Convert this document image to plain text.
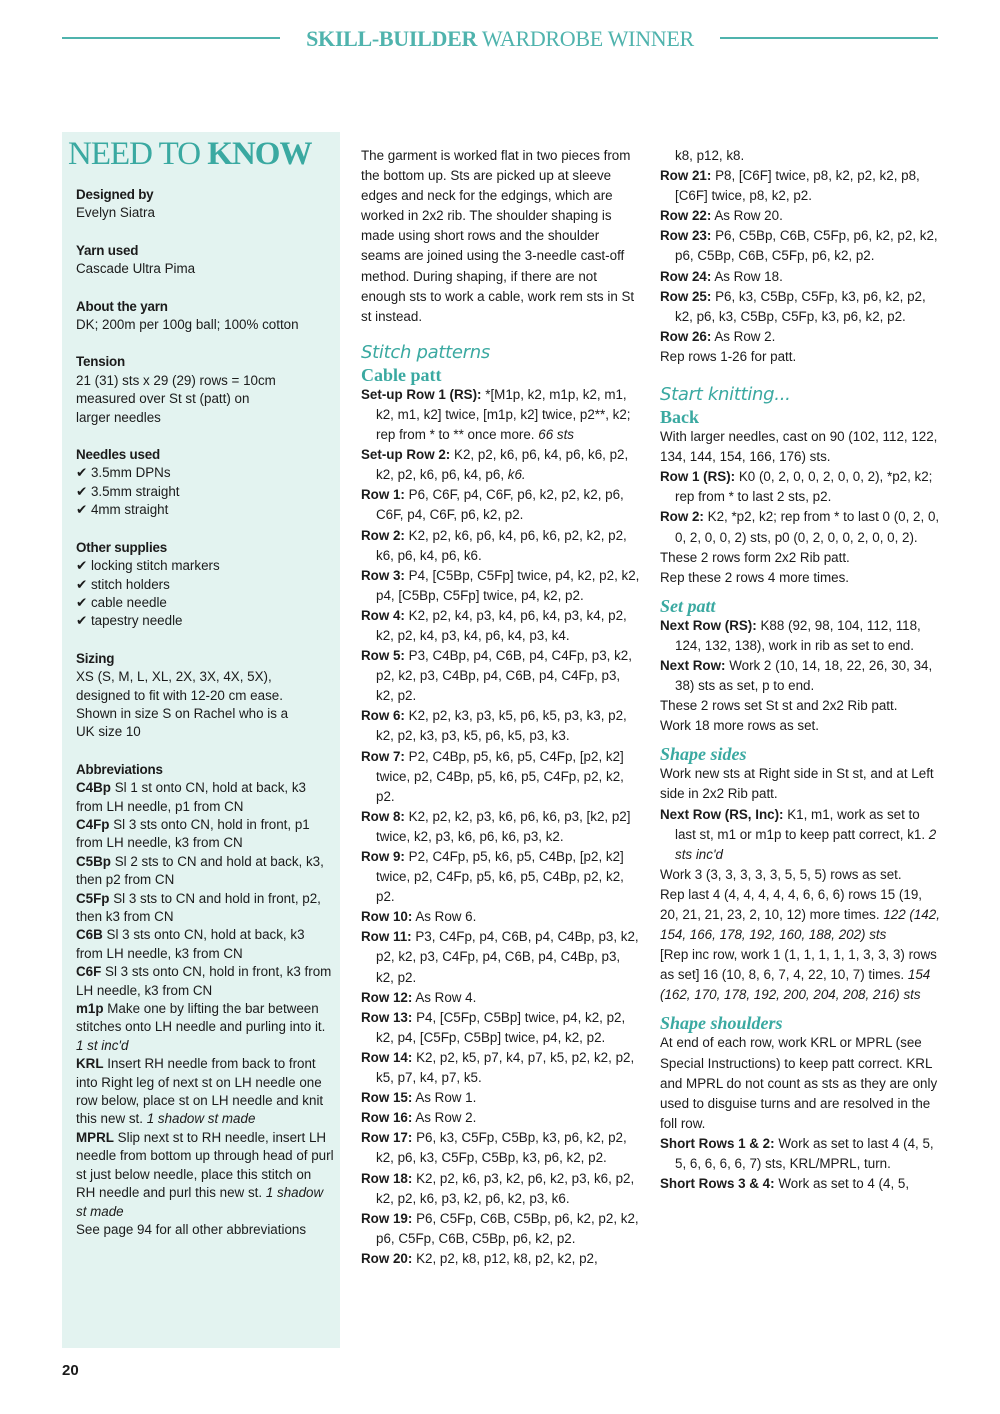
SKILL-BUILDER WARDROBE WINNER
NEED TO KNOW
Designed by
Evelyn Siatra
Yarn used
Cascade Ultra Pima
About the yarn
DK; 200m per 100g ball; 100% cotton
Tension
21 (31) sts x 29 (29) rows = 10cm
measured over St st (patt) on
larger needles
Needles used
✔ 3.5mm DPNs
✔ 3.5mm straight
✔ 4mm straight
Other supplies
✔ locking stitch markers
✔ stitch holders
✔ cable needle
✔ tapestry needle
Sizing
XS (S, M, L, XL, 2X, 3X, 4X, 5X),
designed to fit with 12-20 cm ease.
Shown in size S on Rachel who is a
UK size 10
Abbreviations

C4Bp Sl 1 st onto CN, hold at back, k3 from LH needle, p1 from CN

C4Fp Sl 3 sts onto CN, hold in front, p1 from LH needle, k3 from CN

C5Bp Sl 2 sts to CN and hold at back, k3, then p2 from CN

C5Fp Sl 3 sts to CN and hold in front, p2, then k3 from CN

C6B Sl 3 sts onto CN, hold at back, k3 from LH needle, k3 from CN

C6F Sl 3 sts onto CN, hold in front, k3 from LH needle, k3 from CN

m1p Make one by lifting the bar between stitches onto LH needle and purling into it. 1 st inc'd

KRL Insert RH needle from back to front into Right leg of next st on LH needle one row below, place st on LH needle and knit this new st. 1 shadow st made

MPRL Slip next st to RH needle, insert LH needle from bottom up through head of purl st just below needle, place this stitch on RH needle and purl this new st. 1 shadow st made

See page 94 for all other abbreviations

The garment is worked flat in two pieces from the bottom up. Sts are picked up at sleeve edges and neck for the edgings, which are worked in 2x2 rib. The shoulder shaping is made using short rows and the shoulder seams are joined using the 3-needle cast-off method. During shaping, if there are not enough sts to work a cable, work rem sts in St st instead.

Stitch patterns
Cable patt

Set-up Row 1 (RS): *[M1p, k2, m1p, k2, m1, k2, m1, k2] twice, [m1p, k2] twice, p2**, k2; rep from * to ** once more. 66 sts

Set-up Row 2: K2, p2, k6, p6, k4, p6, k6, p2, k2, p2, k6, p6, k4, p6, k6.

Row 1: P6, C6F, p4, C6F, p6, k2, p2, k2, p6, C6F, p4, C6F, p6, k2, p2.

Row 2: K2, p2, k6, p6, k4, p6, k6, p2, k2, p2, k6, p6, k4, p6, k6.

Row 3: P4, [C5Bp, C5Fp] twice, p4, k2, p2, k2, p4, [C5Bp, C5Fp] twice, p4, k2, p2.

Row 4: K2, p2, k4, p3, k4, p6, k4, p3, k4, p2, k2, p2, k4, p3, k4, p6, k4, p3, k4.

Row 5: P3, C4Bp, p4, C6B, p4, C4Fp, p3, k2, p2, k2, p3, C4Bp, p4, C6B, p4, C4Fp, p3, k2, p2.

Row 6: K2, p2, k3, p3, k5, p6, k5, p3, k3, p2, k2, p2, k3, p3, k5, p6, k5, p3, k3.

Row 7: P2, C4Bp, p5, k6, p5, C4Fp, [p2, k2] twice, p2, C4Bp, p5, k6, p5, C4Fp, p2, k2, p2.

Row 8: K2, p2, k2, p3, k6, p6, k6, p3, [k2, p2] twice, k2, p3, k6, p6, k6, p3, k2.

Row 9: P2, C4Fp, p5, k6, p5, C4Bp, [p2, k2] twice, p2, C4Fp, p5, k6, p5, C4Bp, p2, k2, p2.

Row 10: As Row 6.

Row 11: P3, C4Fp, p4, C6B, p4, C4Bp, p3, k2, p2, k2, p3, C4Fp, p4, C6B, p4, C4Bp, p3, k2, p2.

Row 12: As Row 4.

Row 13: P4, [C5Fp, C5Bp] twice, p4, k2, p2, k2, p4, [C5Fp, C5Bp] twice, p4, k2, p2.

Row 14: K2, p2, k5, p7, k4, p7, k5, p2, k2, p2, k5, p7, k4, p7, k5.

Row 15: As Row 1.

Row 16: As Row 2.

Row 17: P6, k3, C5Fp, C5Bp, k3, p6, k2, p2, k2, p6, k3, C5Fp, C5Bp, k3, p6, k2, p2.

Row 18: K2, p2, k6, p3, k2, p6, k2, p3, k6, p2, k2, p2, k6, p3, k2, p6, k2, p3, k6.

Row 19: P6, C5Fp, C6B, C5Bp, p6, k2, p2, k2, p6, C5Fp, C6B, C5Bp, p6, k2, p2.

Row 20: K2, p2, k8, p12, k8, p2, k2, p2,

k8, p12, k8.

Row 21: P8, [C6F] twice, p8, k2, p2, k2, p8, [C6F] twice, p8, k2, p2.

Row 22: As Row 20.

Row 23: P6, C5Bp, C6B, C5Fp, p6, k2, p2, k2, p6, C5Bp, C6B, C5Fp, p6, k2, p2.

Row 24: As Row 18.

Row 25: P6, k3, C5Bp, C5Fp, k3, p6, k2, p2, k2, p6, k3, C5Bp, C5Fp, k3, p6, k2, p2.

Row 26: As Row 2.

Rep rows 1-26 for patt.

Start knitting...
Back

With larger needles, cast on 90 (102, 112, 122, 134, 144, 154, 166, 176) sts.

Row 1 (RS): K0 (0, 2, 0, 0, 2, 0, 0, 2), *p2, k2; rep from * to last 2 sts, p2.

Row 2: K2, *p2, k2; rep from * to last 0 (0, 2, 0, 0, 2, 0, 0, 2) sts, p0 (0, 2, 0, 0, 2, 0, 0, 2).

These 2 rows form 2x2 Rib patt.

Rep these 2 rows 4 more times.

Set patt

Next Row (RS): K88 (92, 98, 104, 112, 118, 124, 132, 138), work in rib as set to end.

Next Row: Work 2 (10, 14, 18, 22, 26, 30, 34, 38) sts as set, p to end.

These 2 rows set St st and 2x2 Rib patt.

Work 18 more rows as set.

Shape sides

Work new sts at Right side in St st, and at Left side in 2x2 Rib patt.

Next Row (RS, Inc): K1, m1, work as set to last st, m1 or m1p to keep patt correct, k1. 2 sts inc'd

Work 3 (3, 3, 3, 3, 3, 5, 5, 5) rows as set.

Rep last 4 (4, 4, 4, 4, 4, 6, 6, 6) rows 15 (19, 20, 21, 21, 23, 2, 10, 12) more times. 122 (142, 154, 166, 178, 192, 160, 188, 202) sts

[Rep inc row, work 1 (1, 1, 1, 1, 1, 3, 3, 3) rows as set] 16 (10, 8, 6, 7, 4, 22, 10, 7) times. 154 (162, 170, 178, 192, 200, 204, 208, 216) sts

Shape shoulders

At end of each row, work KRL or MPRL (see Special Instructions) to keep patt correct. KRL and MPRL do not count as sts as they are only used to disguise turns and are resolved in the foll row.

Short Rows 1 & 2: Work as set to last 4 (4, 5, 5, 6, 6, 6, 6, 7) sts, KRL/MPRL, turn.

Short Rows 3 & 4: Work as set to 4 (4, 5,

20
